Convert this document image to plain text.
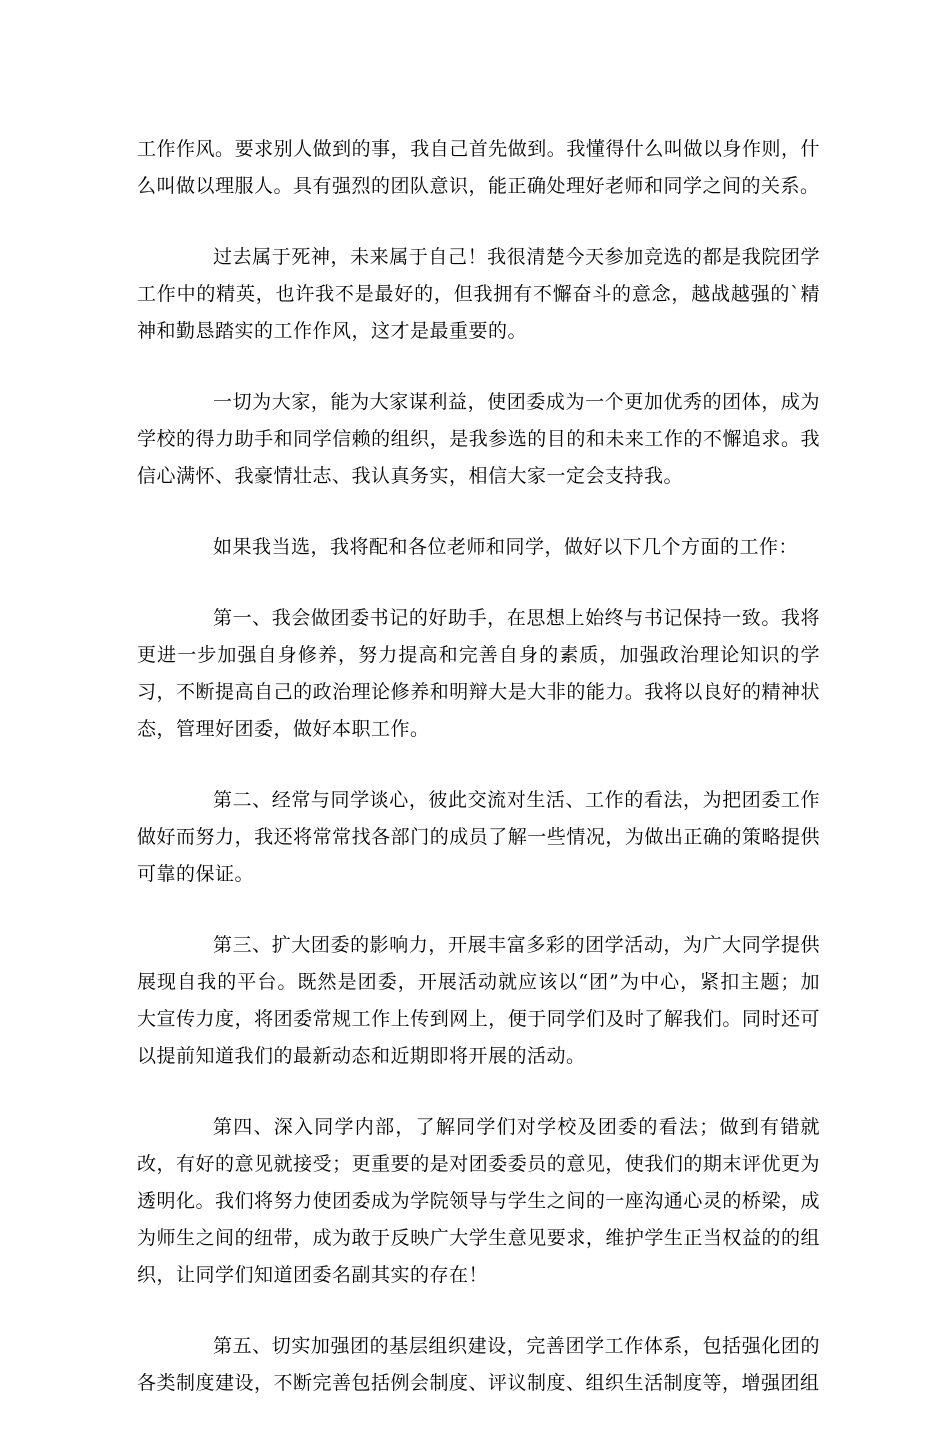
工作作风。要求别人做到的事，我自己首先做到。我懂得什么叫做以身作则，什么叫做以理服人。具有强烈的团队意识，能正确处理好老师和同学之间的关系。

过去属于死神，未来属于自己！我很清楚今天参加竞选的都是我院团学工作中的精英，也许我不是最好的，但我拥有不懈奋斗的意念，越战越强的`精神和勤恳踏实的工作作风，这才是最重要的。

一切为大家，能为大家谋利益，使团委成为一个更加优秀的团体，成为学校的得力助手和同学信赖的组织，是我参选的目的和未来工作的不懈追求。我信心满怀、我豪情壮志、我认真务实，相信大家一定会支持我。

如果我当选，我将配和各位老师和同学，做好以下几个方面的工作：

第一、我会做团委书记的好助手，在思想上始终与书记保持一致。我将更进一步加强自身修养，努力提高和完善自身的素质，加强政治理论知识的学习，不断提高自己的政治理论修养和明辩大是大非的能力。我将以良好的精神状态，管理好团委，做好本职工作。

第二、经常与同学谈心，彼此交流对生活、工作的看法，为把团委工作做好而努力，我还将常常找各部门的成员了解一些情况，为做出正确的策略提供可靠的保证。

第三、扩大团委的影响力，开展丰富多彩的团学活动，为广大同学提供展现自我的平台。既然是团委，开展活动就应该以“团”为中心，紧扣主题；加大宣传力度，将团委常规工作上传到网上，便于同学们及时了解我们。同时还可以提前知道我们的最新动态和近期即将开展的活动。

第四、深入同学内部，了解同学们对学校及团委的看法；做到有错就改，有好的意见就接受；更重要的是对团委委员的意见，使我们的期末评优更为透明化。我们将努力使团委成为学院领导与学生之间的一座沟通心灵的桥梁，成为师生之间的纽带，成为敢于反映广大学生意见要求，维护学生正当权益的的组织，让同学们知道团委名副其实的存在！

第五、切实加强团的基层组织建设，完善团学工作体系，包括强化团的各类制度建设，不断完善包括例会制度、评议制度、组织生活制度等，增强团组
